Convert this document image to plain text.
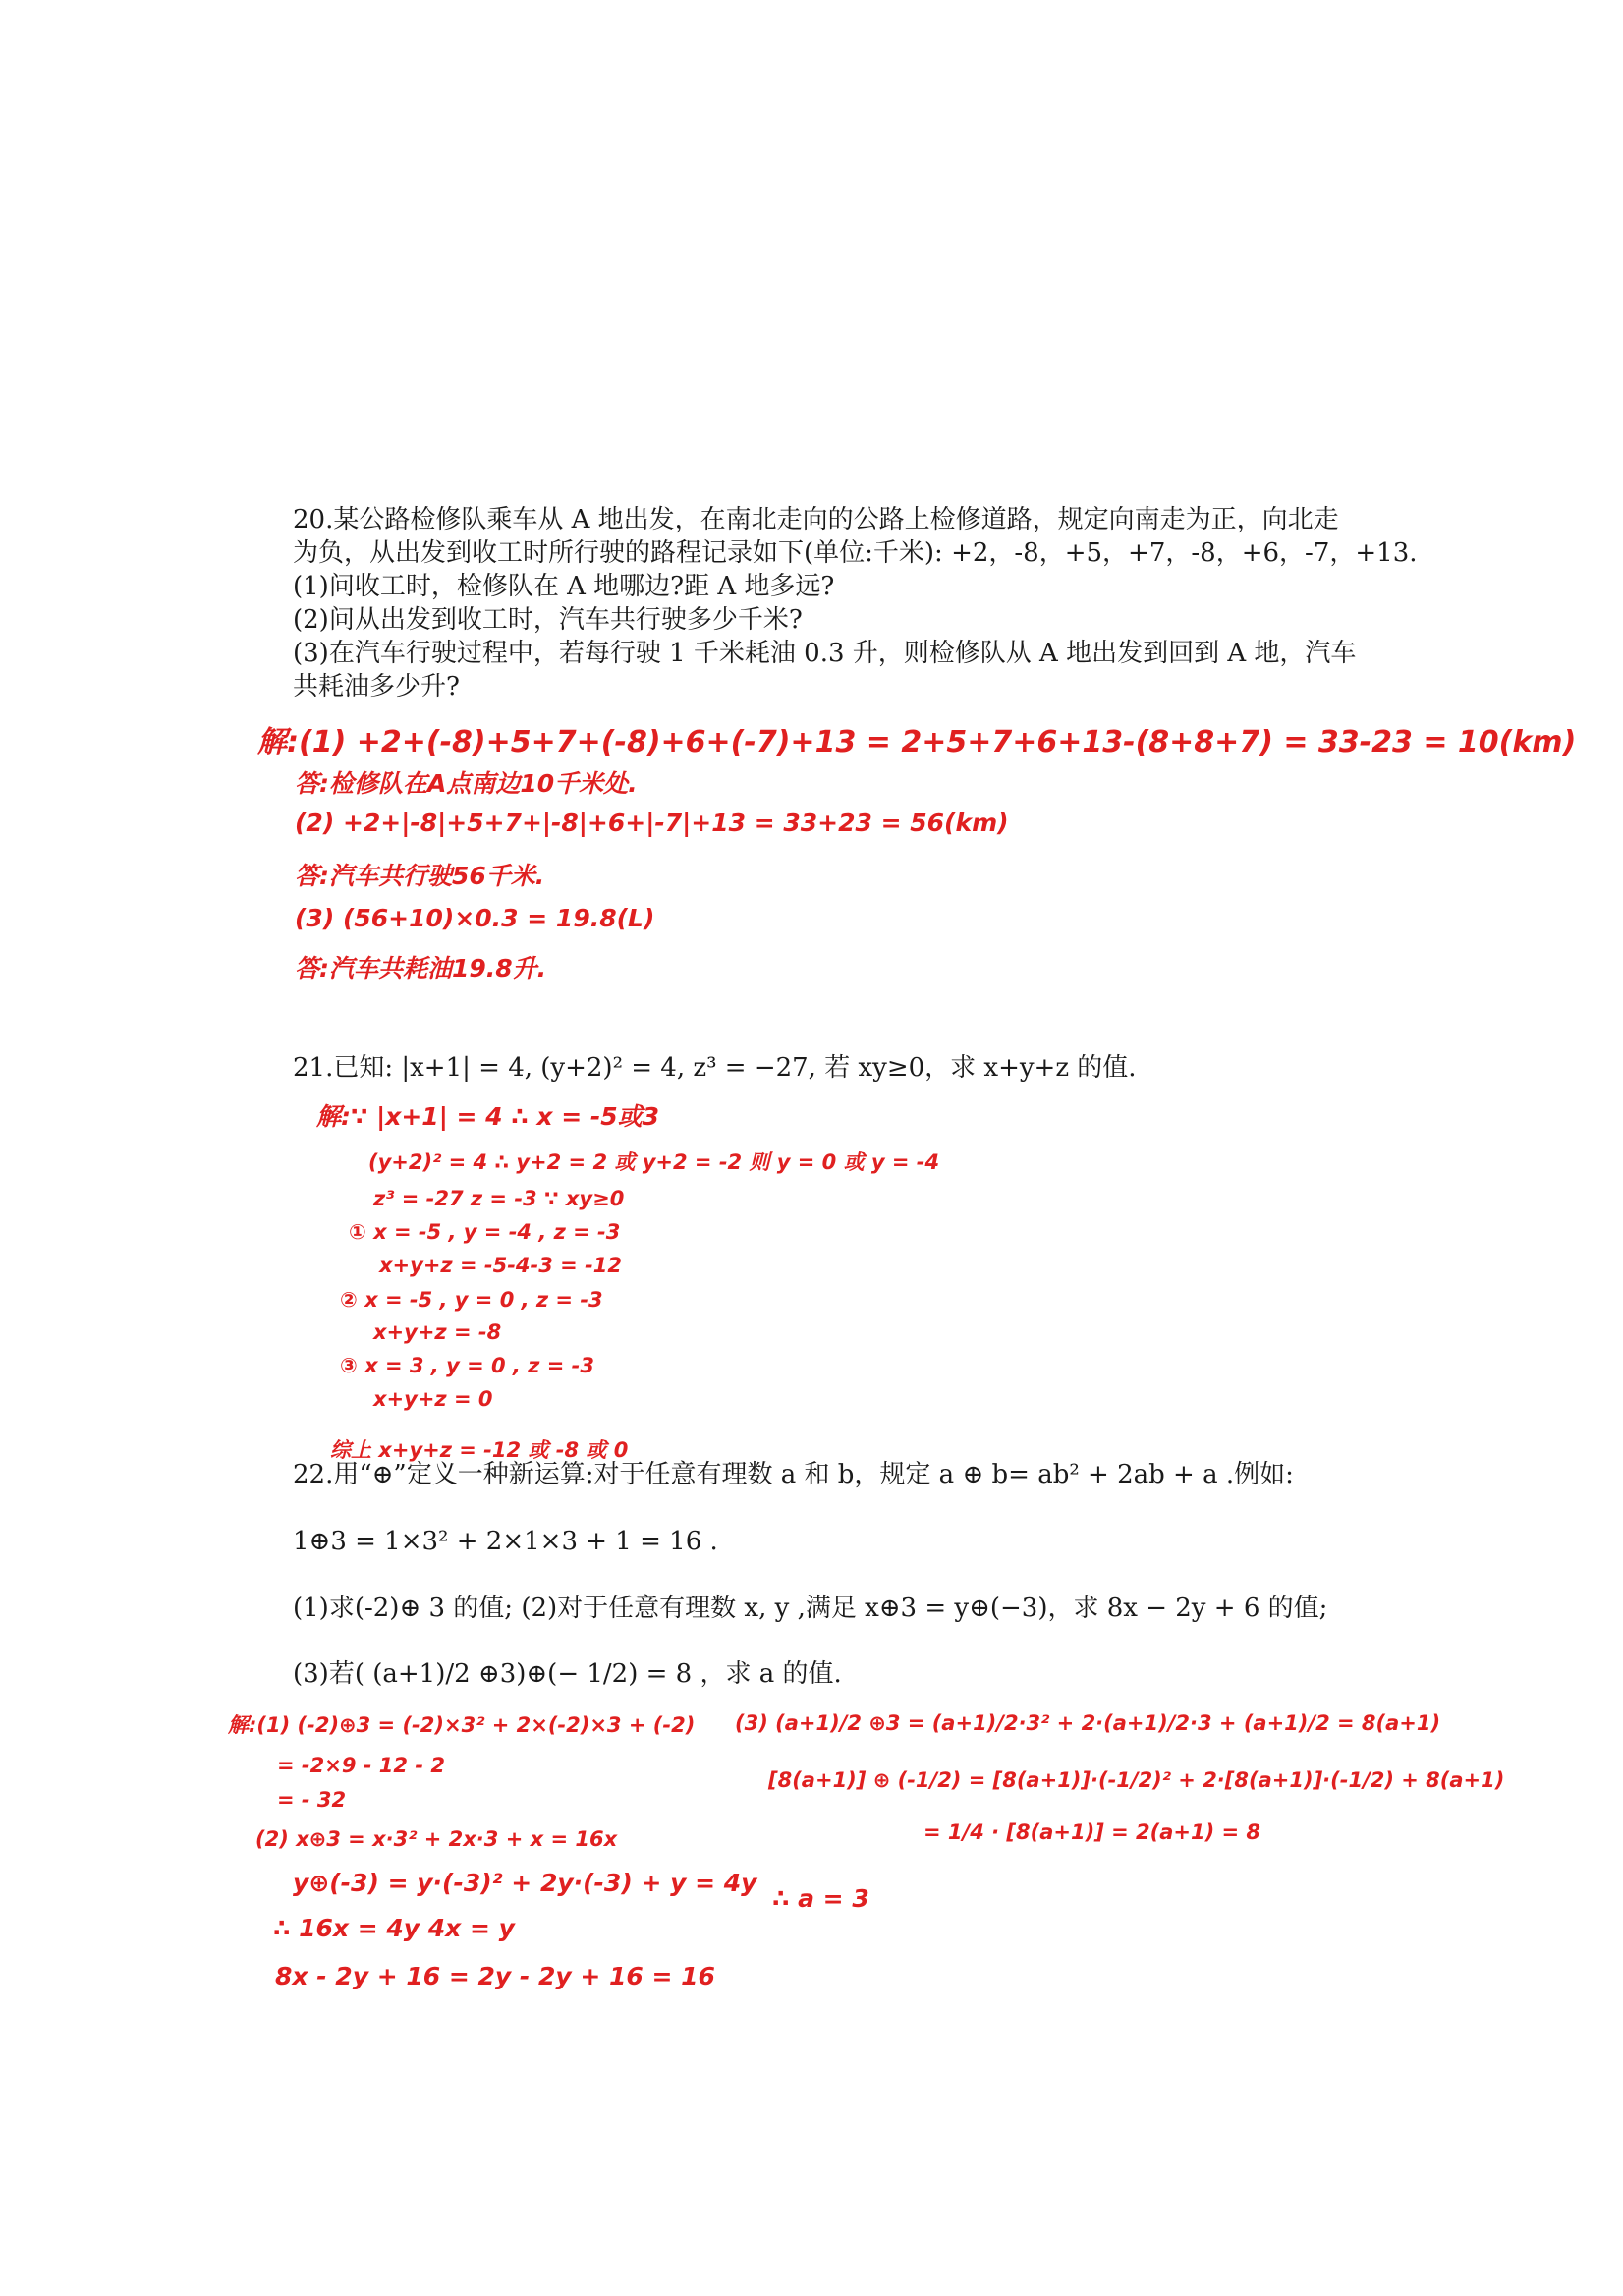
20.某公路检修队乘车从 A 地出发，在南北走向的公路上检修道路，规定向南走为正，向北走
为负，从出发到收工时所行驶的路程记录如下(单位:千米): +2，-8，+5，+7，-8，+6，-7，+13.
(1)问收工时，检修队在 A 地哪边?距 A 地多远?
(2)问从出发到收工时，汽车共行驶多少千米?
(3)在汽车行驶过程中，若每行驶 1 千米耗油 0.3 升，则检修队从 A 地出发到回到 A 地，汽车
共耗油多少升?
解:(1) +2+(-8)+5+7+(-8)+6+(-7)+13 = 2+5+7+6+13-(8+8+7) = 33-23 = 10(km)
答:检修队在A点南边10千米处.
(2) +2+|-8|+5+7+|-8|+6+|-7|+13 = 33+23 = 56(km)
答:汽车共行驶56千米.
(3) (56+10)×0.3 = 19.8(L)
答:汽车共耗油19.8升.
21.已知: |x+1| = 4, (y+2)² = 4, z³ = −27, 若 xy≥0，求 x+y+z 的值.
解:∵ |x+1| = 4 ∴ x = -5或3
(y+2)² = 4 ∴ y+2 = 2 或 y+2 = -2 则 y = 0 或 y = -4
z³ = -27 z = -3 ∵ xy≥0
① x = -5 , y = -4 , z = -3
x+y+z = -5-4-3 = -12
② x = -5 , y = 0 , z = -3
x+y+z = -8
③ x = 3 , y = 0 , z = -3
x+y+z = 0
综上 x+y+z = -12 或 -8 或 0
22.用“⊕”定义一种新运算:对于任意有理数 a 和 b，规定 a ⊕ b= ab² + 2ab + a .例如:
1⊕3 = 1×3² + 2×1×3 + 1 = 16 .
(1)求(-2)⊕ 3 的值; (2)对于任意有理数 x, y ,满足 x⊕3 = y⊕(−3)，求 8x − 2y + 6 的值;
(3)若( (a+1)/2 ⊕3)⊕(− 1/2) = 8 ，求 a 的值.
解:(1) (-2)⊕3 = (-2)×3² + 2×(-2)×3 + (-2)
= -2×9 - 12 - 2
= - 32
(2) x⊕3 = x·3² + 2x·3 + x = 16x
y⊕(-3) = y·(-3)² + 2y·(-3) + y = 4y
∴ 16x = 4y 4x = y
8x - 2y + 16 = 2y - 2y + 16 = 16
(3) (a+1)/2 ⊕3 = (a+1)/2·3² + 2·(a+1)/2·3 + (a+1)/2 = 8(a+1)
[8(a+1)] ⊕ (-1/2) = [8(a+1)]·(-1/2)² + 2·[8(a+1)]·(-1/2) + 8(a+1)
= 1/4 · [8(a+1)] = 2(a+1) = 8
∴ a = 3
